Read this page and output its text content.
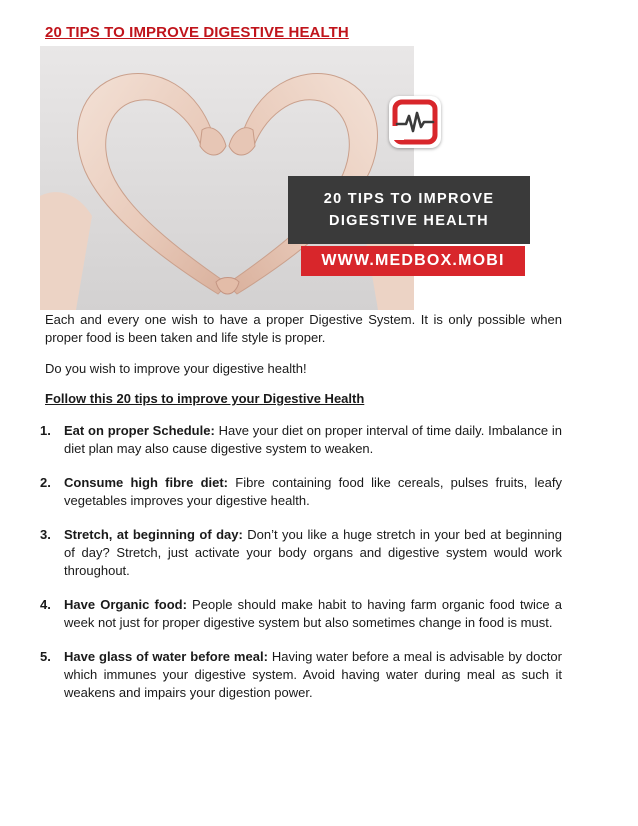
20 TIPS TO IMPROVE DIGESTIVE HEALTH
20 TIPS TO IMPROVE
DIGESTIVE HEALTH
WWW.MEDBOX.MOBI

Each and every one wish to have a proper Digestive System. It is only possible when proper food is been taken and life style is proper.

Do you wish to improve your digestive health!

Follow this 20 tips to improve your Digestive Health

1. Eat on proper Schedule: Have your diet on proper interval of time daily. Imbalance in diet plan may also cause digestive system to weaken.
2. Consume high fibre diet: Fibre containing food like cereals, pulses fruits, leafy vegetables improves your digestive health.
3. Stretch, at beginning of day: Don’t you like a huge stretch in your bed at beginning of day? Stretch, just activate your body organs and digestive system would work throughout.
4. Have Organic food: People should make habit to having farm organic food twice a week not just for proper digestive system but also sometimes change in food is must.
5. Have glass of water before meal: Having water before a meal is advisable by doctor which immunes your digestive system. Avoid having water during meal as such it weakens and impairs your digestion power.
